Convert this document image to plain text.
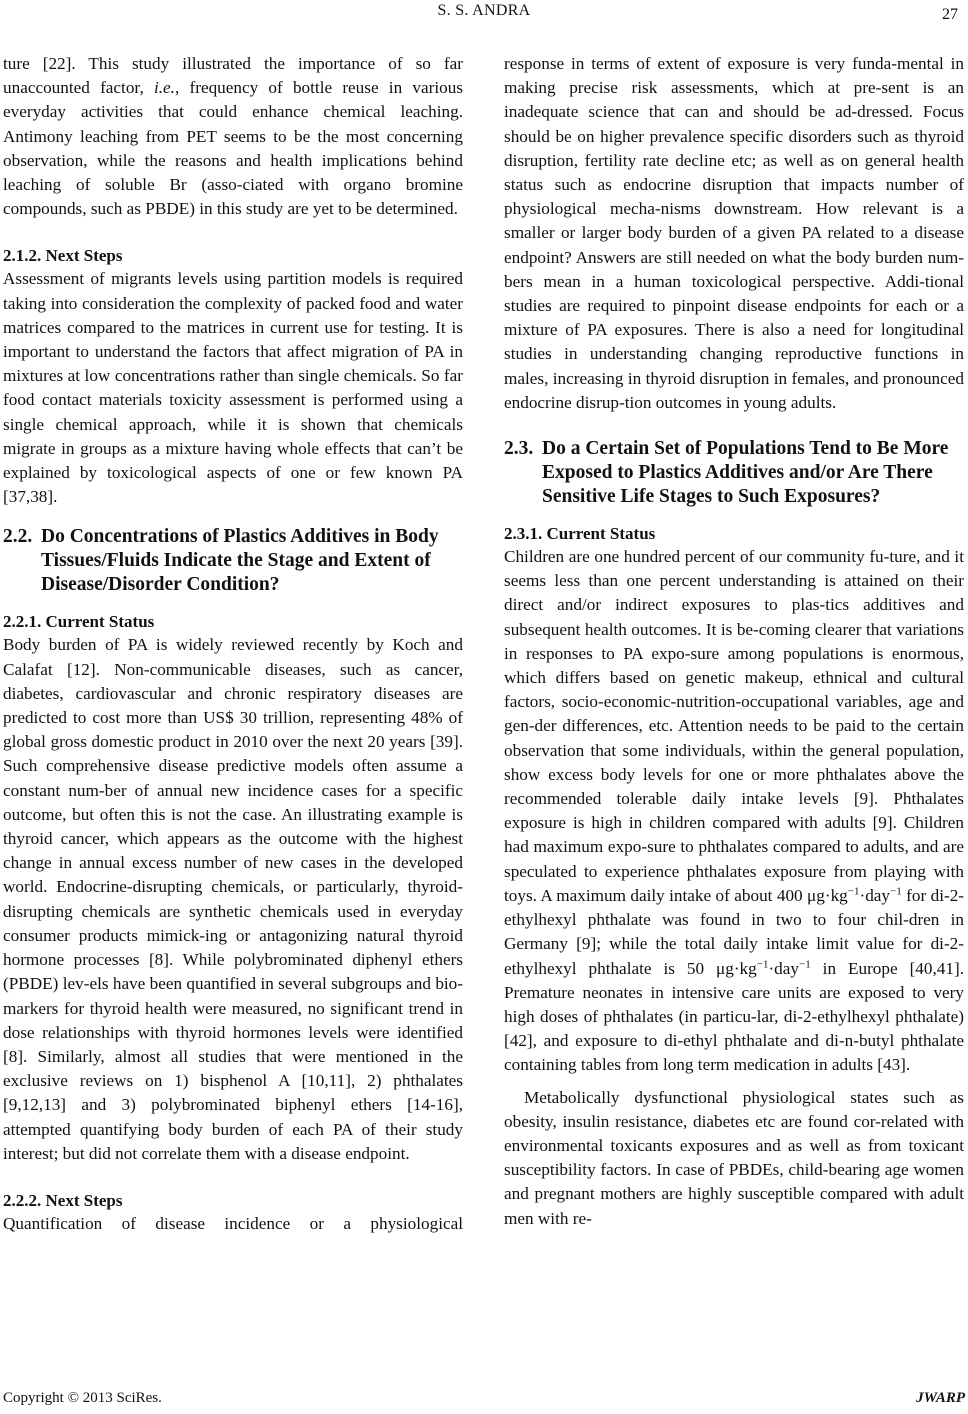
S. S. ANDRA	27

ture [22]. This study illustrated the importance of so far unaccounted factor, i.e., frequency of bottle reuse in various everyday activities that could enhance chemical leaching. Antimony leaching from PET seems to be the most concerning observation, while the reasons and health implications behind leaching of soluble Br (asso-ciated with organo bromine compounds, such as PBDE) in this study are yet to be determined.

2.1.2. Next Steps

Assessment of migrants levels using partition models is required taking into consideration the complexity of packed food and water matrices compared to the matrices in current use for testing. It is important to understand the factors that affect migration of PA in mixtures at low concentrations rather than single chemicals. So far food contact materials toxicity assessment is performed using a single chemical approach, while it is shown that chemicals migrate in groups as a mixture having whole effects that can’t be explained by toxicological aspects of one or few known PA [37,38].

2.2. Do Concentrations of Plastics Additives in Body Tissues/Fluids Indicate the Stage and Extent of Disease/Disorder Condition?

2.2.1. Current Status

Body burden of PA is widely reviewed recently by Koch and Calafat [12]. Non-communicable diseases, such as cancer, diabetes, cardiovascular and chronic respiratory diseases are predicted to cost more than US$ 30 trillion, representing 48% of global gross domestic product in 2010 over the next 20 years [39]. Such comprehensive disease predictive models often assume a constant num-ber of annual new incidence cases for a specific outcome, but often this is not the case. An illustrating example is thyroid cancer, which appears as the outcome with the highest change in annual excess number of new cases in the developed world. Endocrine-disrupting chemicals, or particularly, thyroid-disrupting chemicals are synthetic chemicals used in everyday consumer products mimick-ing or antagonizing natural thyroid hormone processes [8]. While polybrominated diphenyl ethers (PBDE) lev-els have been quantified in several subgroups and bio-markers for thyroid health were measured, no significant trend in dose relationships with thyroid hormones levels were identified [8]. Similarly, almost all studies that were mentioned in the exclusive reviews on 1) bisphenol A [10,11], 2) phthalates [9,12,13] and 3) polybrominated biphenyl ethers [14-16], attempted quantifying body burden of each PA of their study interest; but did not correlate them with a disease endpoint.

2.2.2. Next Steps

Quantification of disease incidence or a physiological

response in terms of extent of exposure is very funda-mental in making precise risk assessments, which at pre-sent is an inadequate science that can and should be ad-dressed. Focus should be on higher prevalence specific disorders such as thyroid disruption, fertility rate decline etc; as well as on general health status such as endocrine disruption that impacts number of physiological mecha-nisms downstream. How relevant is a smaller or larger body burden of a given PA related to a disease endpoint? Answers are still needed on what the body burden num-bers mean in a human toxicological perspective. Addi-tional studies are required to pinpoint disease endpoints for each or a mixture of PA exposures. There is also a need for longitudinal studies in understanding changing reproductive functions in males, increasing in thyroid disruption in females, and pronounced endocrine disrup-tion outcomes in young adults.

2.3. Do a Certain Set of Populations Tend to Be More Exposed to Plastics Additives and/or Are There Sensitive Life Stages to Such Exposures?

2.3.1. Current Status

Children are one hundred percent of our community fu-ture, and it seems less than one percent understanding is attained on their direct and/or indirect exposures to plas-tics additives and subsequent health outcomes. It is be-coming clearer that variations in responses to PA expo-sure among populations is enormous, which differs based on genetic makeup, ethnical and cultural factors, socio-economic-nutrition-occupational variables, age and gen-der differences, etc. Attention needs to be paid to the certain observation that some individuals, within the general population, show excess body levels for one or more phthalates above the recommended tolerable daily intake levels [9]. Phthalates exposure is high in children compared with adults [9]. Children had maximum expo-sure to phthalates compared to adults, and are speculated to experience phthalates exposure from playing with toys. A maximum daily intake of about 400 $\mu g\cdot kg^{-1}\cdot day^{-1}$ for di-2-ethylhexyl phthalate was found in two to four chil-dren in Germany [9]; while the total daily intake limit value for di-2-ethylhexyl phthalate is 50 $\mu g\cdot kg^{-1}\cdot day^{-1}$ in Europe [40,41]. Premature neonates in intensive care units are exposed to very high doses of phthalates (in particu-lar, di-2-ethylhexyl phthalate) [42], and exposure to di-ethyl phthalate and di-n-butyl phthalate containing tables from long term medication in adults [43].

Metabolically dysfunctional physiological states such as obesity, insulin resistance, diabetes etc are found cor-related with environmental toxicants exposures and as well as from toxicant susceptibility factors. In case of PBDEs, child-bearing age women and pregnant mothers are highly susceptible compared with adult men with re-

Copyright © 2013 SciRes.	JWARP
